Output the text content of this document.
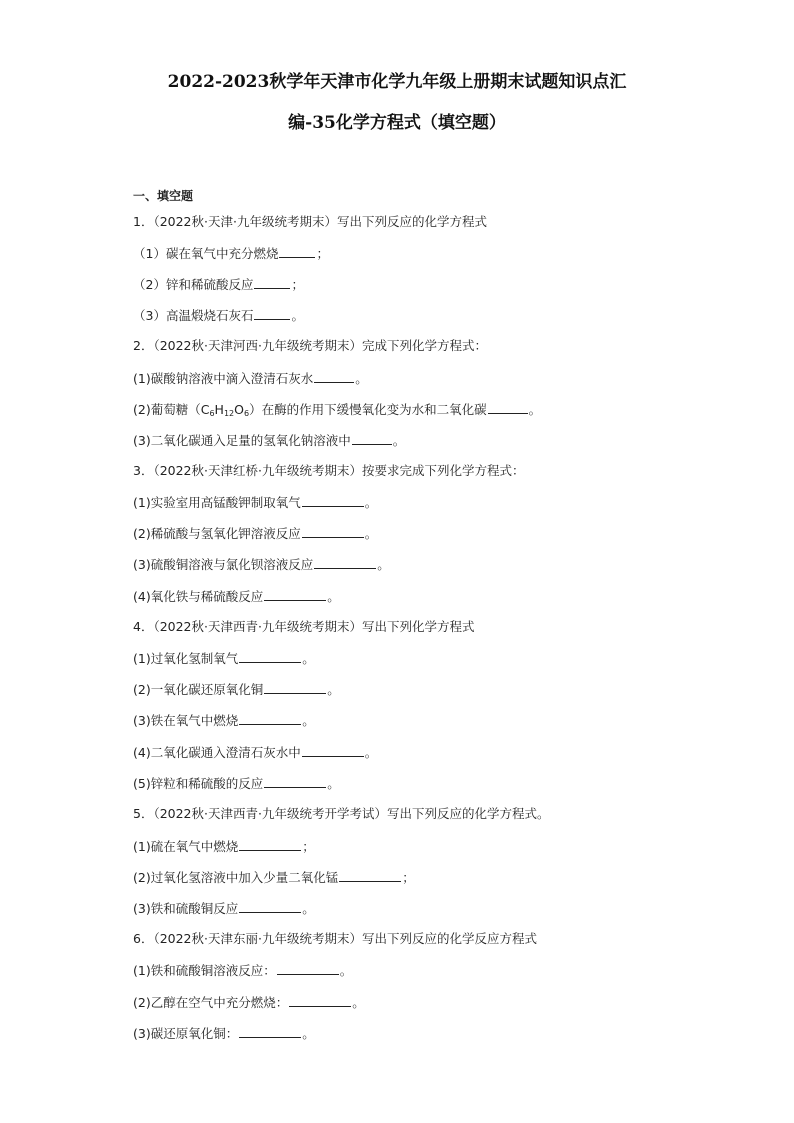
2022-2023秋学年天津市化学九年级上册期末试题知识点汇
编-35化学方程式（填空题）
一、填空题
1．（2022秋·天津·九年级统考期末）写出下列反应的化学方程式
（1）碳在氧气中充分燃烧	；
（2）锌和稀硫酸反应	；
（3）高温煅烧石灰石	。
2．（2022秋·天津河西·九年级统考期末）完成下列化学方程式：
(1)碳酸钠溶液中滴入澄清石灰水	。
(2)葡萄糖$(C_6H_{12}O_6)$在酶的作用下缓慢氧化变为水和二氧化碳	。
(3)二氧化碳通入足量的氢氧化钠溶液中	。
3．（2022秋·天津红桥·九年级统考期末）按要求完成下列化学方程式：
(1)实验室用高锰酸钾制取氧气	。
(2)稀硫酸与氢氧化钾溶液反应	。
(3)硫酸铜溶液与氯化钡溶液反应	。
(4)氧化铁与稀硫酸反应	。
4．（2022秋·天津西青·九年级统考期末）写出下列化学方程式
(1)过氧化氢制氧气	。
(2)一氧化碳还原氧化铜	。
(3)铁在氧气中燃烧	。
(4)二氧化碳通入澄清石灰水中	。
(5)锌粒和稀硫酸的反应	。
5．（2022秋·天津西青·九年级统考开学考试）写出下列反应的化学方程式。
(1)硫在氧气中燃烧	；
(2)过氧化氢溶液中加入少量二氧化锰	；
(3)铁和硫酸铜反应	。
6．（2022秋·天津东丽·九年级统考期末）写出下列反应的化学反应方程式
(1)铁和硫酸铜溶液反应：	。
(2)乙醇在空气中充分燃烧：	。
(3)碳还原氧化铜：	。
